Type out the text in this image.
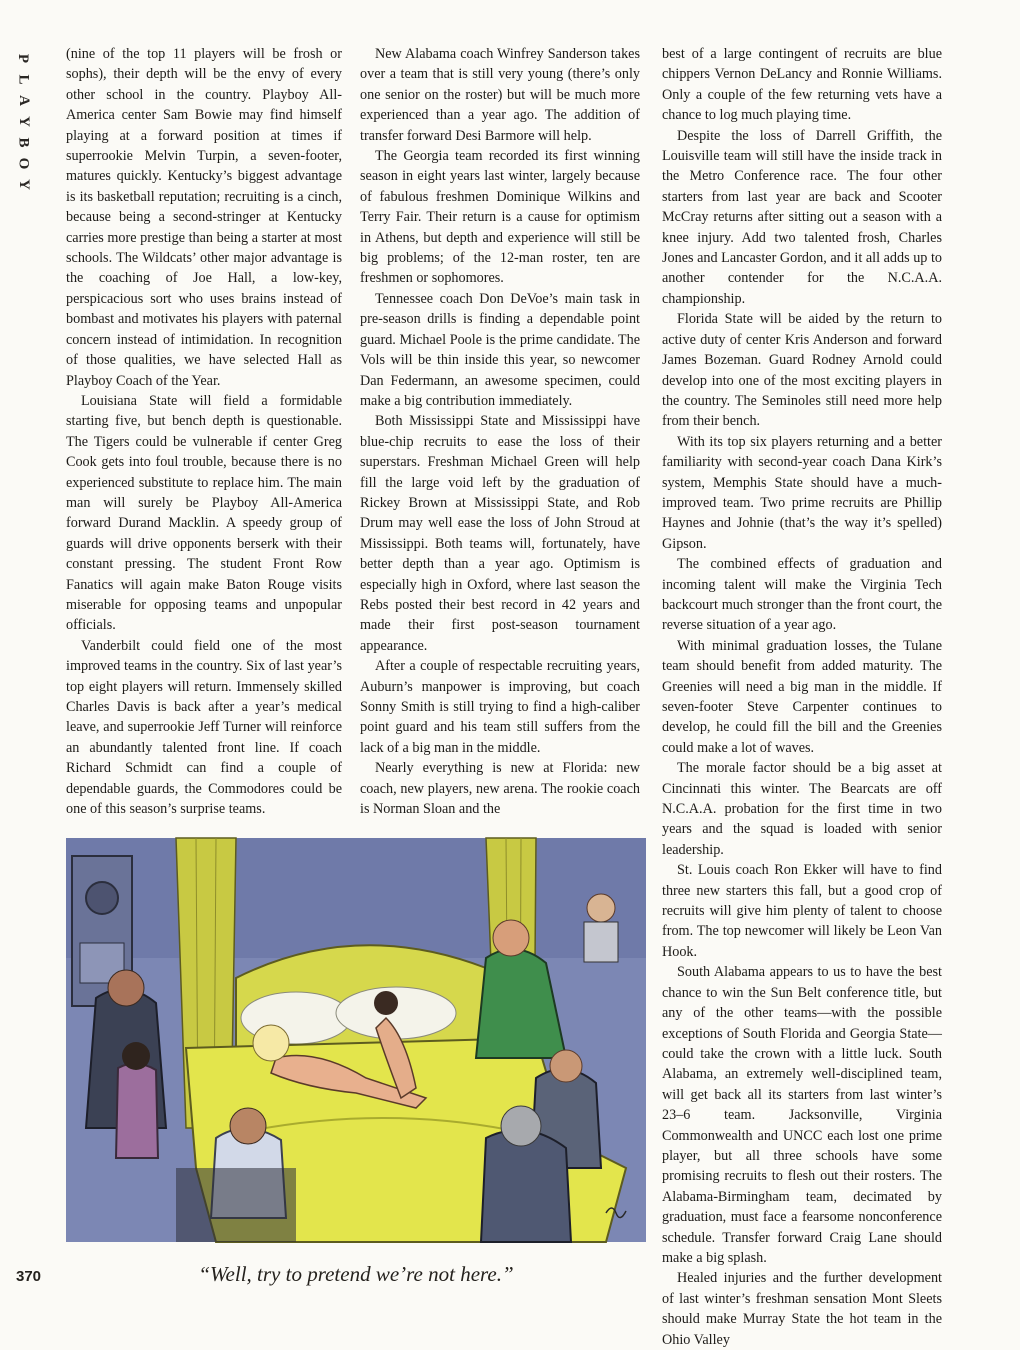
P
L
A
Y
B
O
Y

(nine of the top 11 players will be frosh or sophs), their depth will be the envy of every other school in the country. Playboy All-America center Sam Bowie may find himself playing at a forward position at times if superrookie Melvin Turpin, a seven-footer, matures quickly. Kentucky’s biggest advantage is its basketball reputation; recruiting is a cinch, because being a second-stringer at Kentucky carries more prestige than being a starter at most schools. The Wildcats’ other major advantage is the coaching of Joe Hall, a low-key, perspicacious sort who uses brains instead of bombast and motivates his players with paternal concern instead of intimidation. In recognition of those qualities, we have selected Hall as Playboy Coach of the Year.

Louisiana State will field a formidable starting five, but bench depth is questionable. The Tigers could be vulnerable if center Greg Cook gets into foul trouble, because there is no experienced substitute to replace him. The main man will surely be Playboy All-America forward Durand Macklin. A speedy group of guards will drive opponents berserk with their constant pressing. The student Front Row Fanatics will again make Baton Rouge visits miserable for opposing teams and unpopular officials.

Vanderbilt could field one of the most improved teams in the country. Six of last year’s top eight players will return. Immensely skilled Charles Davis is back after a year’s medical leave, and superrookie Jeff Turner will reinforce an abundantly talented front line. If coach Richard Schmidt can find a couple of dependable guards, the Commodores could be one of this season’s surprise teams.

New Alabama coach Winfrey Sanderson takes over a team that is still very young (there’s only one senior on the roster) but will be much more experienced than a year ago. The addition of transfer forward Desi Barmore will help.

The Georgia team recorded its first winning season in eight years last winter, largely because of fabulous freshmen Dominique Wilkins and Terry Fair. Their return is a cause for optimism in Athens, but depth and experience will still be big problems; of the 12-man roster, ten are freshmen or sophomores.

Tennessee coach Don DeVoe’s main task in pre-season drills is finding a dependable point guard. Michael Poole is the prime candidate. The Vols will be thin inside this year, so newcomer Dan Federmann, an awesome specimen, could make a big contribution immediately.

Both Mississippi State and Mississippi have blue-chip recruits to ease the loss of their superstars. Freshman Michael Green will help fill the large void left by the graduation of Rickey Brown at Mississippi State, and Rob Drum may well ease the loss of John Stroud at Mississippi. Both teams will, fortunately, have better depth than a year ago. Optimism is especially high in Oxford, where last season the Rebs posted their best record in 42 years and made their first post-season tournament appearance.

After a couple of respectable recruiting years, Auburn’s manpower is improving, but coach Sonny Smith is still trying to find a high-caliber point guard and his team still suffers from the lack of a big man in the middle.

Nearly everything is new at Florida: new coach, new players, new arena. The rookie coach is Norman Sloan and the

best of a large contingent of recruits are blue chippers Vernon DeLancy and Ronnie Williams. Only a couple of the few returning vets have a chance to log much playing time.

Despite the loss of Darrell Griffith, the Louisville team will still have the inside track in the Metro Conference race. The four other starters from last year are back and Scooter McCray returns after sitting out a season with a knee injury. Add two talented frosh, Charles Jones and Lancaster Gordon, and it all adds up to another contender for the N.C.A.A. championship.

Florida State will be aided by the return to active duty of center Kris Anderson and forward James Bozeman. Guard Rodney Arnold could develop into one of the most exciting players in the country. The Seminoles still need more help from their bench.

With its top six players returning and a better familiarity with second-year coach Dana Kirk’s system, Memphis State should have a much-improved team. Two prime recruits are Phillip Haynes and Johnie (that’s the way it’s spelled) Gipson.

The combined effects of graduation and incoming talent will make the Virginia Tech backcourt much stronger than the front court, the reverse situation of a year ago.

With minimal graduation losses, the Tulane team should benefit from added maturity. The Greenies will need a big man in the middle. If seven-footer Steve Carpenter continues to develop, he could fill the bill and the Greenies could make a lot of waves.

The morale factor should be a big asset at Cincinnati this winter. The Bearcats are off N.C.A.A. probation for the first time in two years and the squad is loaded with senior leadership.

St. Louis coach Ron Ekker will have to find three new starters this fall, but a good crop of recruits will give him plenty of talent to choose from. The top newcomer will likely be Leon Van Hook.

South Alabama appears to us to have the best chance to win the Sun Belt conference title, but any of the other teams—with the possible exceptions of South Florida and Georgia State—could take the crown with a little luck. South Alabama, an extremely well-disciplined team, will get back all its starters from last winter’s 23–6 team. Jacksonville, Virginia Commonwealth and UNCC each lost one prime player, but all three schools have some promising recruits to flesh out their rosters. The Alabama-Birmingham team, decimated by graduation, must face a fearsome nonconference schedule. Transfer forward Craig Lane should make a big splash.

Healed injuries and the further development of last winter’s freshman sensation Mont Sleets should make Murray State the hot team in the Ohio Valley

“Well, try to pretend we’re not here.”
370
